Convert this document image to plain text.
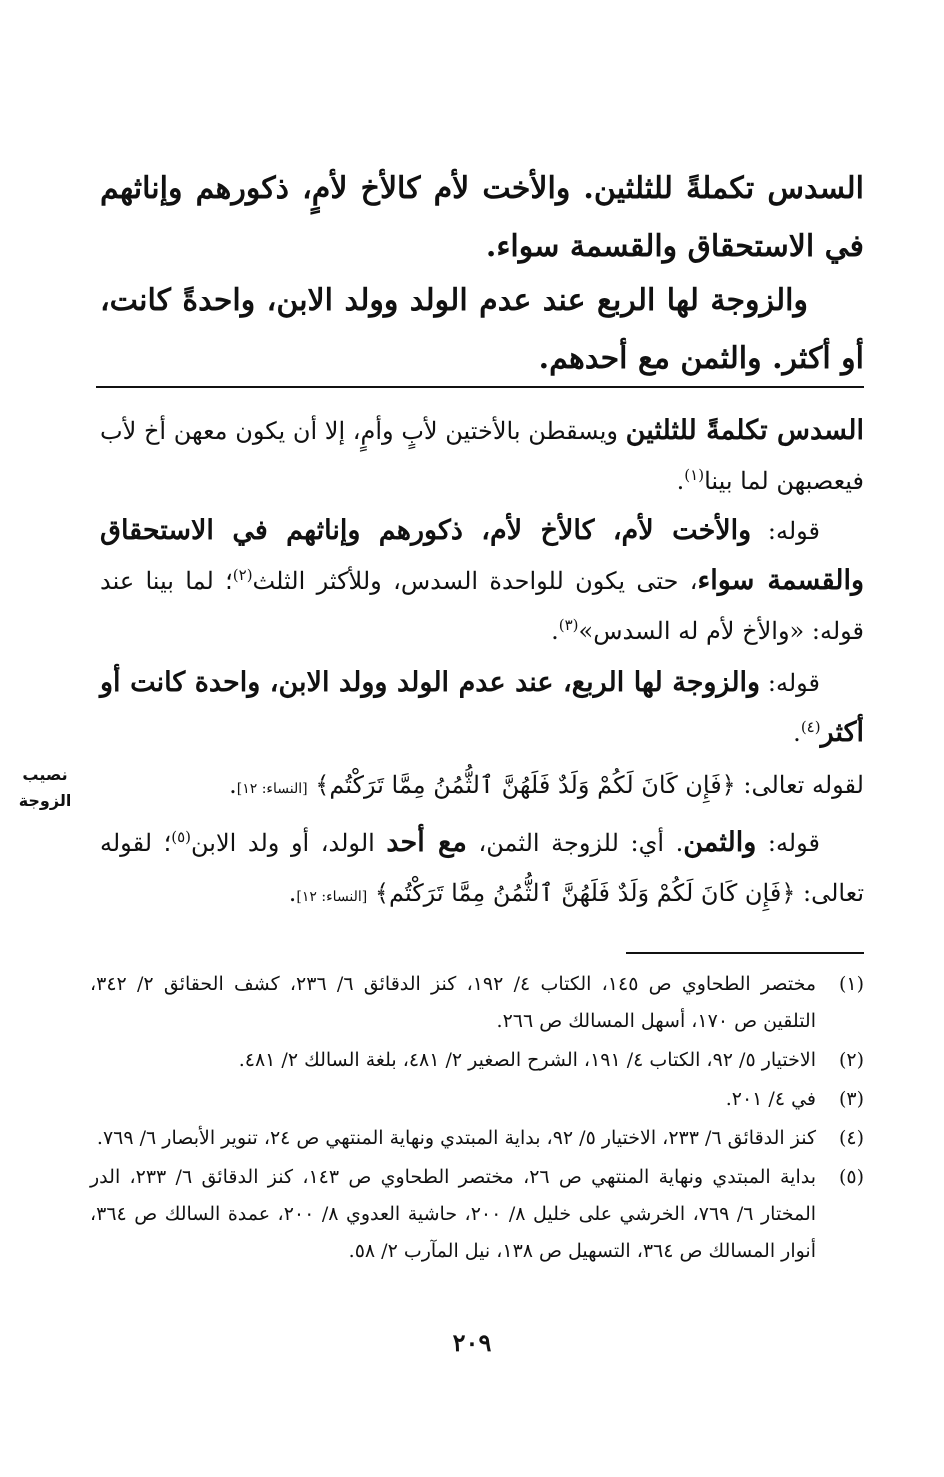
السدس تكملةً للثلثين. والأخت لأم كالأخ لأمٍ، ذكورهم وإناثهم في الاستحقاق والقسمة سواء.
والزوجة لها الربع عند عدم الولد وولد الابن، واحدةً كانت، أو أكثر. والثمن مع أحدهم.
السدس تكلمةً للثلثين ويسقطن بالأختين لأبٍ وأمٍ، إلا أن يكون معهن أخ لأب فيعصبهن لما بينا$^{(١)}$.
قوله: والأخت لأم، كالأخ لأم، ذكورهم وإناثهم في الاستحقاق والقسمة سواء، حتى يكون للواحدة السدس، وللأكثر الثلث$^{(٢)}$؛ لما بينا عند قوله: «والأخ لأم له السدس»$^{(٣)}$.
قوله: والزوجة لها الربع، عند عدم الولد وولد الابن، واحدة كانت أو أكثر$^{(٤)}$.
لقوله تعالى: ﴿فَإِن كَانَ لَكُمْ وَلَدٌ فَلَهُنَّ ٱلثُّمُنُ مِمَّا تَرَكْتُم﴾ [النساء: ١٢].
قوله: والثمن. أي: للزوجة الثمن، مع أحد الولد، أو ولد الابن$^{(٥)}$؛ لقوله تعالى: ﴿فَإِن كَانَ لَكُمْ وَلَدٌ فَلَهُنَّ ٱلثُّمُنُ مِمَّا تَرَكْتُم﴾ [النساء: ١٢].
نصيب
الزوجة
(١)
مختصر الطحاوي ص ١٤٥، الكتاب ٤/ ١٩٢، كنز الدقائق ٦/ ٢٣٦، كشف الحقائق ٢/ ٣٤٢، التلقين ص ١٧٠، أسهل المسالك ص ٢٦٦.
(٢)
الاختيار ٥/ ٩٢، الكتاب ٤/ ١٩١، الشرح الصغير ٢/ ٤٨١، بلغة السالك ٢/ ٤٨١.
(٣)
في ٤/ ٢٠١.
(٤)
كنز الدقائق ٦/ ٢٣٣، الاختيار ٥/ ٩٢، بداية المبتدي ونهاية المنتهي ص ٢٤، تنوير الأبصار ٦/ ٧٦٩.
(٥)
بداية المبتدي ونهاية المنتهي ص ٢٦، مختصر الطحاوي ص ١٤٣، كنز الدقائق ٦/ ٢٣٣، الدر المختار ٦/ ٧٦٩، الخرشي على خليل ٨/ ٢٠٠، حاشية العدوي ٨/ ٢٠٠، عمدة السالك ص ٣٦٤، أنوار المسالك ص ٣٦٤، التسهيل ص ١٣٨، نيل المآرب ٢/ ٥٨.
٢٠٩
